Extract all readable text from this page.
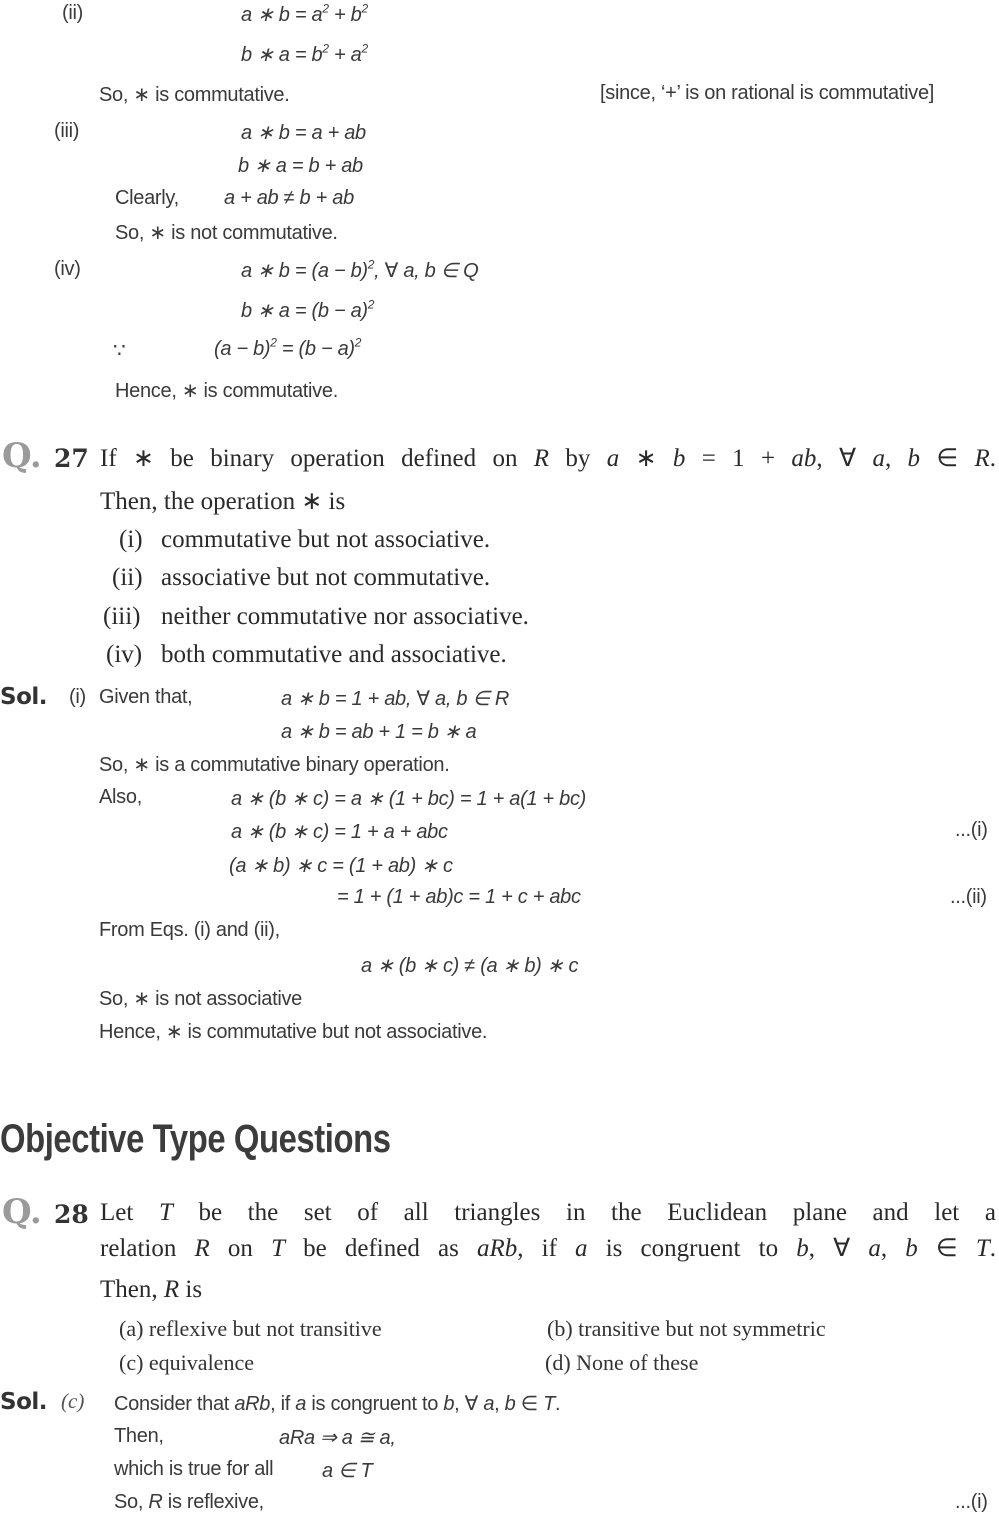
(ii)	a ∗ $b = a^2 + b^2$
b ∗ $a = b^2 + a^2$
So, ∗ is commutative.	[since, ‘+’ is on rational is commutative]
(iii)	a ∗ b = a + ab
b ∗ a = b + ab
Clearly, a + ab ≠ b + ab
So, ∗ is not commutative.
(iv)	a ∗ $b = (a - b)^2$, ∀ a, b ∈ Q
b ∗ $a = (b - a)^2$
∵	$(a - b)^2 = (b - a)^2$
Hence, ∗ is commutative.
Q. 27 If ∗ be binary operation defined on R by a ∗ b = 1 + ab, ∀ a, b ∈ R.
Then, the operation ∗ is
(i) commutative but not associative.
(ii) associative but not commutative.
(iii) neither commutative nor associative.
(iv) both commutative and associative.
Sol. (i) Given that,	a ∗ b = 1 + ab, ∀ a, b ∈ R
a ∗ b = ab + 1 = b ∗ a
So, ∗ is a commutative binary operation.
Also,	a ∗ (b ∗ c) = a ∗ (1 + bc) = 1 + a(1 + bc)
a ∗ (b ∗ c) = 1 + a + abc	...(i)
(a ∗ b) ∗ c = (1 + ab) ∗ c
= 1 + (1 + ab)c = 1 + c + abc	...(ii)
From Eqs. (i) and (ii),
a ∗ (b ∗ c) ≠ (a ∗ b) ∗ c
So, ∗ is not associative
Hence, ∗ is commutative but not associative.
Objective Type Questions
Q. 28 Let T be the set of all triangles in the Euclidean plane and let a
relation R on T be defined as aRb, if a is congruent to b, ∀ a, b ∈ T.
Then, R is
(a) reflexive but not transitive	(b) transitive but not symmetric
(c) equivalence	(d) None of these
Sol. (c) Consider that aRb, if a is congruent to b, ∀ a, b ∈ T.
Then,	aRa ⇒ a ≅ a,
which is true for all a ∈ T
So, R is reflexive,	...(i)
